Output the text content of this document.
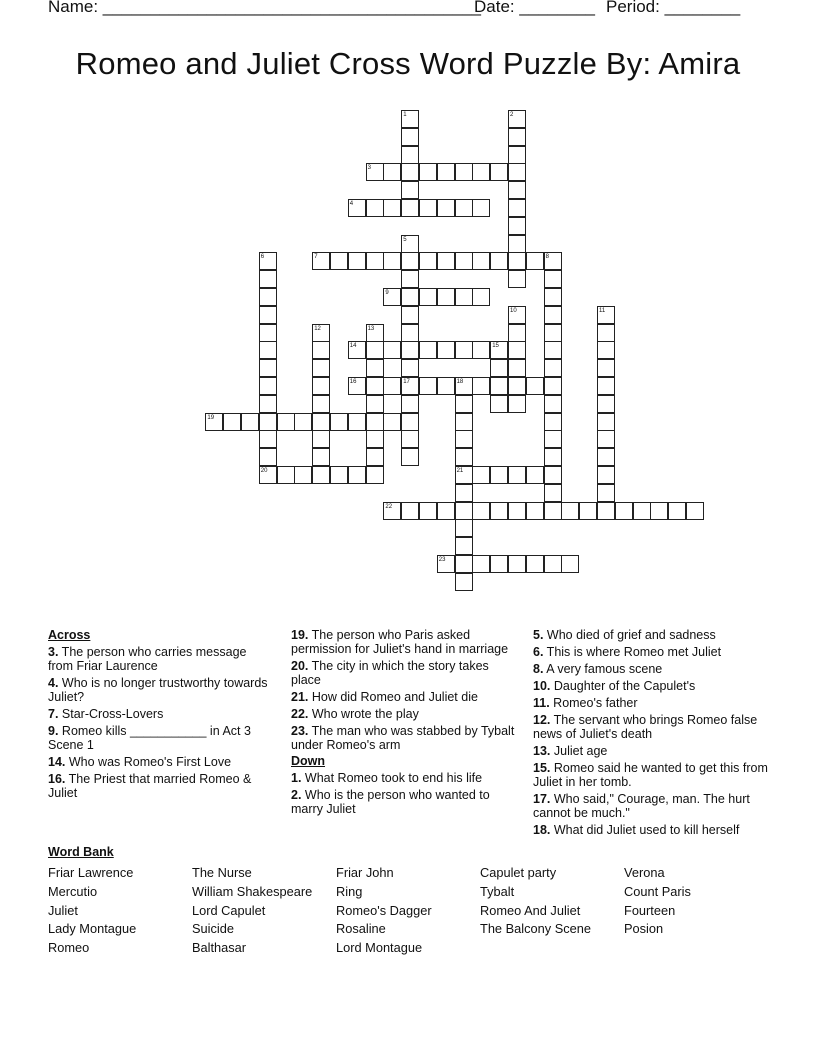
Name: ________________________________________
Date: ________ Period: ________
Romeo and Juliet Cross Word Puzzle By: Amira
1	2
3
4
5
17
6	7	8
9
10	11
12	13
14	15
16	18
21
19
20
22
23
Across
3. The person who carries message from Friar Laurence
4. Who is no longer trustworthy towards Juliet?
7. Star-Cross-Lovers
9. Romeo kills ___________ in Act 3 Scene 1
14. Who was Romeo's First Love
16. The Priest that married Romeo & Juliet
19. The person who Paris asked permission for Juliet's hand in marriage
20. The city in which the story takes place
21. How did Romeo and Juliet die
22. Who wrote the play
23. The man who was stabbed by Tybalt under Romeo's arm
Down
1. What Romeo took to end his life
2. Who is the person who wanted to marry Juliet
5. Who died of grief and sadness
6. This is where Romeo met Juliet
8. A very famous scene
10. Daughter of the Capulet's
11. Romeo's father
12. The servant who brings Romeo false news of Juliet's death
13. Juliet age
15. Romeo said he wanted to get this from Juliet in her tomb.
17. Who said," Courage, man. The hurt cannot be much."
18. What did Juliet used to kill herself
Word Bank
Friar Lawrence
Mercutio
Juliet
Lady Montague
Romeo
The Nurse
William Shakespeare
Lord Capulet
Suicide
Balthasar
Friar John
Ring
Romeo's Dagger
Rosaline
Lord Montague
Capulet party
Tybalt
Romeo And Juliet
The Balcony Scene
Verona
Count Paris
Fourteen
Posion
